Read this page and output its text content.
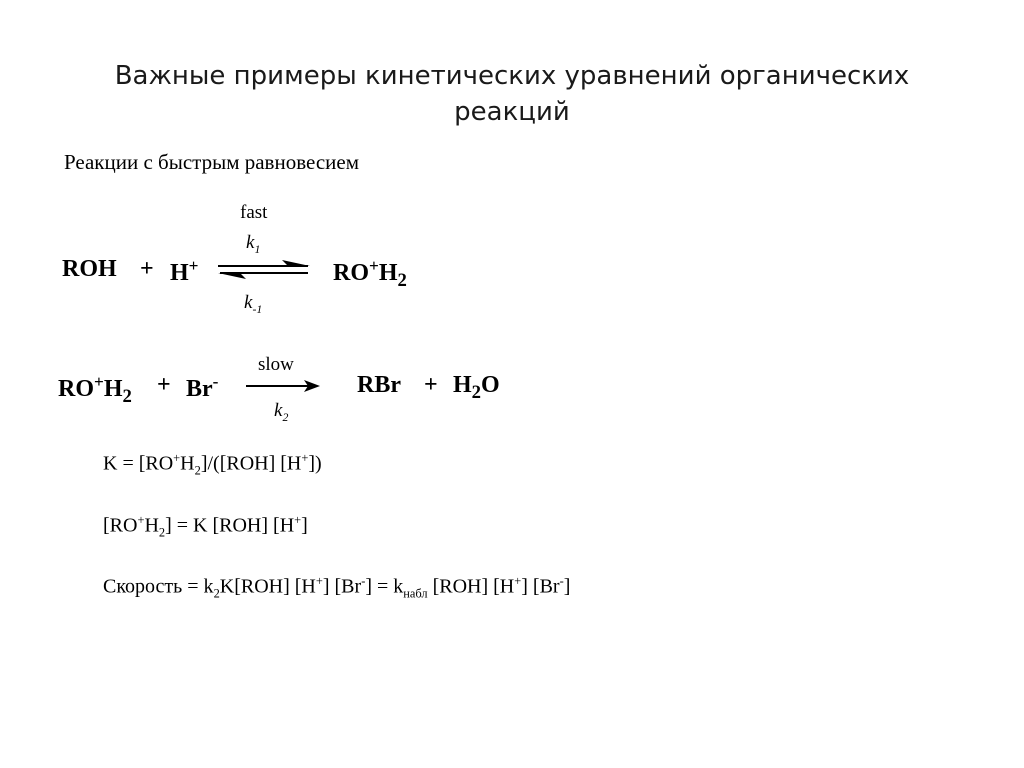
Важные примеры кинетических уравнений органических реакций
Реакции с быстрым равновесием
ROH + H+
fast
$k_1$
$k_{-1}$
$RO^+H_2$
$RO^+H_2 + Br^-$
slow
$k_2$
RBr + $H_2O$
$K = [RO^+H_2]/([ROH]$ [H+])
$[RO^+H_2] = K$ [ROH] [H+]
Скорость = $k_2K[ROH]$ [H+] $[Br^-] = k_{набл}$ [ROH] [H+] [Br-]
